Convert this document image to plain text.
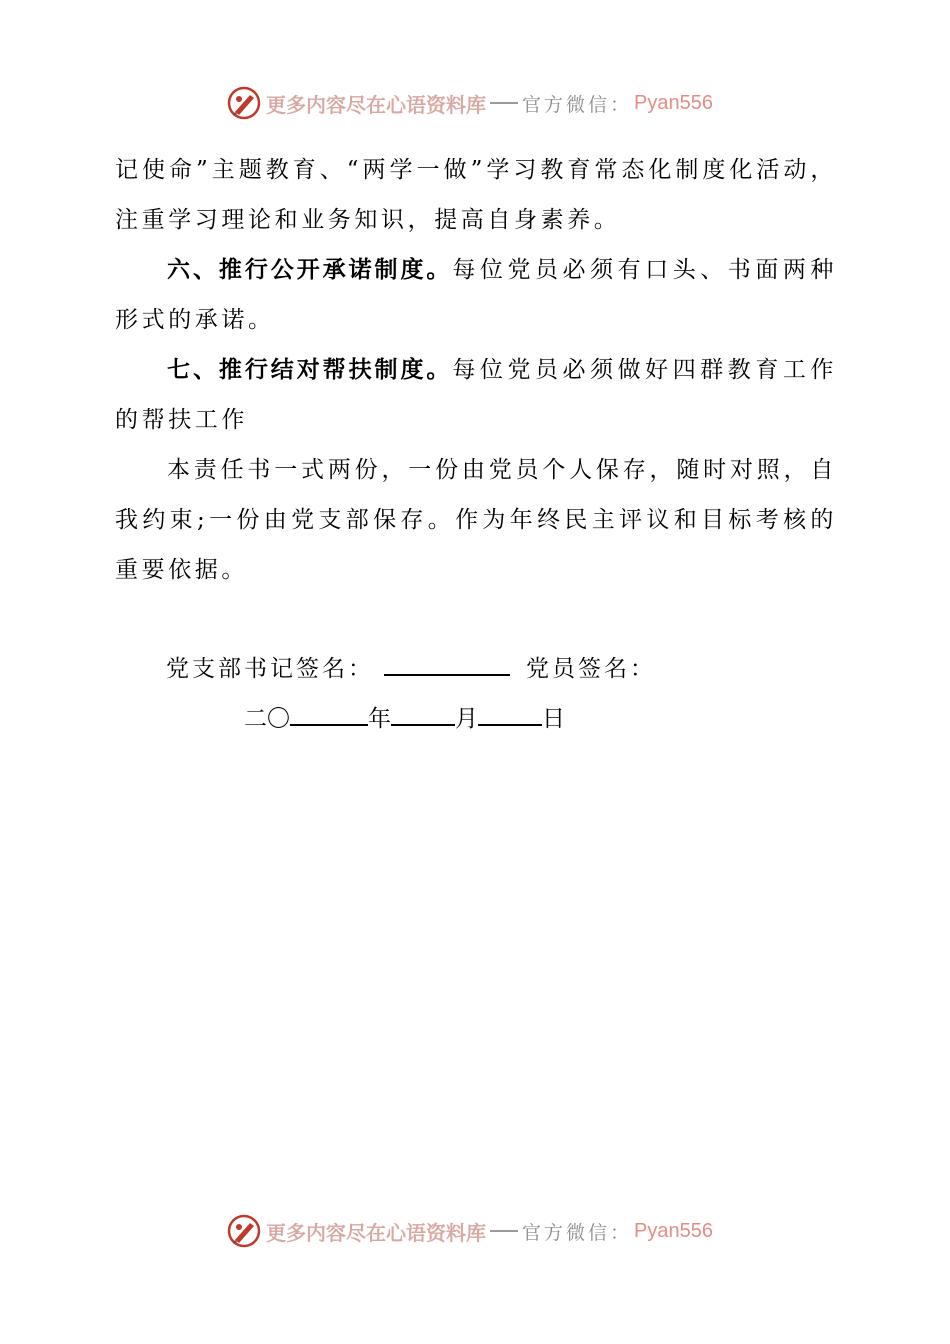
更多内容尽在心语资料库 官方微信： Pyan556

记使命”主题教育、“两学一做”学习教育常态化制度化活动，注重学习理论和业务知识，提高自身素养。

六、推行公开承诺制度。每位党员必须有口头、书面两种形式的承诺。

七、推行结对帮扶制度。每位党员必须做好四群教育工作的帮扶工作

本责任书一式两份，一份由党员个人保存，随时对照，自我约束;一份由党支部保存。作为年终民主评议和目标考核的重要依据。

党支部书记签名：	党员签名：
二〇	年	月	日
更多内容尽在心语资料库 官方微信： Pyan556
